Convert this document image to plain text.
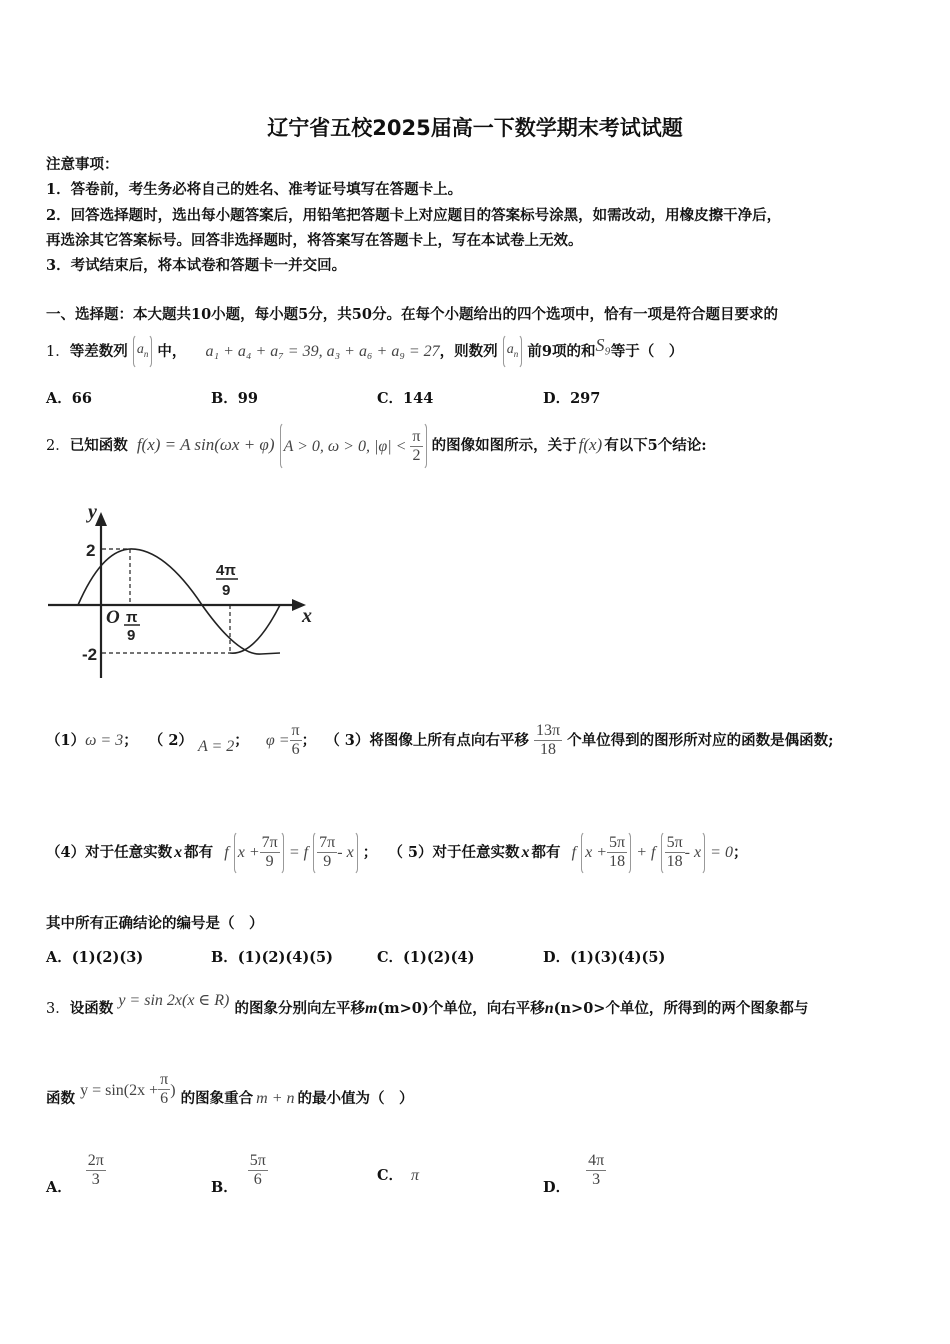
辽宁省五校2025届高一下数学期末考试试题
注意事项：
1．答卷前，考生务必将自己的姓名、准考证号填写在答题卡上。
2．回答选择题时，选出每小题答案后，用铅笔把答题卡上对应题目的答案标号涂黑，如需改动，用橡皮擦干净后，
再选涂其它答案标号。回答非选择题时，将答案写在答题卡上，写在本试卷上无效。
3．考试结束后，将本试卷和答题卡一并交回。
一、选择题：本大题共10小题，每小题5分，共50分。在每个小题给出的四个选项中，恰有一项是符合题目要求的
1．等差数列 $a_n$ 中， a₁ + a₄ + a₇ = 39, a₃ + a₆ + a₉ = 27，则数列 $a_n$ 前9项的和S₉等于（　）
A．66	B．99	C．144	D．297
2．已知函数 f(x) = A sin(ωx + φ) A > 0, ω > 0, $|\varphi| < \frac{\pi}{2}$ 的图像如图所示，关于 f(x) 有以下5个结论:
y
x
2
-2
O π
9
4π
9
（1）ω = 3； （ 2） A = 2； $\varphi = \frac{\pi}{6}$ ； （ 3）将图像上所有点向右平移 $\frac{13\pi}{18}$ 个单位得到的图形所对应的函数是偶函数;
（4）对于任意实数 x 都有 f $x + \frac{7\pi}{9} = f \frac{7\pi}{9} - x$ ； （ 5）对于任意实数 x 都有 f $x + \frac{5\pi}{18} + f \frac{5\pi}{18} - x = 0$；
其中所有正确结论的编号是（　）
A．(1)(2)(3)	B．(1)(2)(4)(5)	C．(1)(2)(4)	D．(1)(3)(4)(5)
3．设函数 y = sin 2x(x ∈ R) 的图象分别向左平移m(m>0)个单位，向右平移n(n>0>个单位，所得到的两个图象都与
函数 $y = \sin(2x + \frac{\pi}{6}$ ) 的图象重合 m + n 的最小值为（　）
A． $\frac{2\pi}{3}$	B． $\frac{5\pi}{6}$	C． π
D． $\frac{4\pi}{3}$
